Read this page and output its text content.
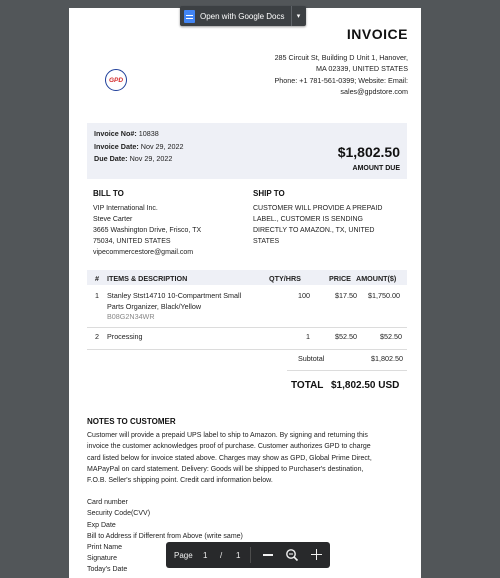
INVOICE
285 Circuit St, Building D Unit 1, Hanover,
MA 02339, UNITED STATES
Phone: +1 781-561-0399; Website: Email:
sales@gpdstore.com
GPD
Invoice No#: 10838
Invoice Date: Nov 29, 2022
Due Date: Nov 29, 2022	$1,802.50
AMOUNT DUE
BILL TO
VIP International Inc.
Steve Carter
3665 Washington Drive, Frisco, TX
75034, UNITED STATES
vipecommercestore@gmail.com
SHIP TO
CUSTOMER WILL PROVIDE A PREPAID
LABEL., CUSTOMER IS SENDING
DIRECTLY TO AMAZON., TX, UNITED
STATES
# ITEMS & DESCRIPTION	QTY/HRS	PRICE AMOUNT($)
1 Stanley Stst14710 10-Compartment Small
Parts Organizer, Black/Yellow
B08G2N34WR
100	$17.50 $1,750.00
2 Processing	1	$52.50	$52.50
Subtotal	$1,802.50
TOTAL $1,802.50 USD
NOTES TO CUSTOMER
Customer will provide a prepaid UPS label to ship to Amazon. By signing and returning this
invoice the customer acknowledges proof of purchase. Customer authorizes GPD to charge
card listed below for invoice stated above. Charges may show as GPD, Global Prime Direct,
MAPayPal on card statement. Delivery: Goods will be shipped to Purchaser's destination,
F.O.B. Seller's shipping point. Credit card information below.
Card number
Security Code(CVV)
Exp Date
Bill to Address if Different from Above (write same)
Print Name
Signature
Today's Date
Open with Google Docs	▾
Page 1 / 1
